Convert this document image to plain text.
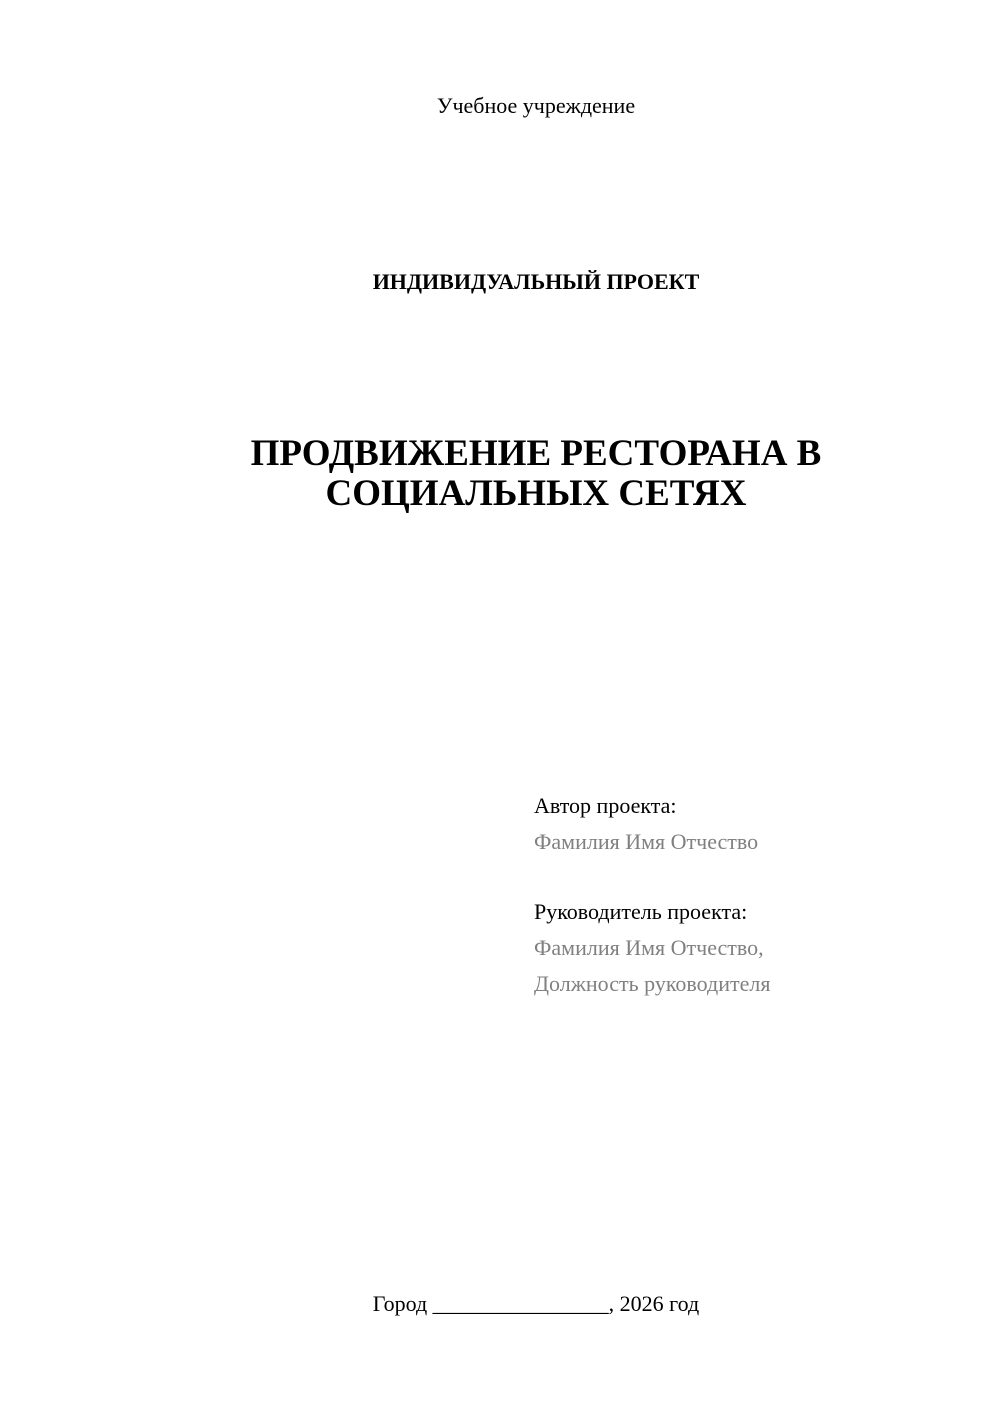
Учебное учреждение
ИНДИВИДУАЛЬНЫЙ ПРОЕКТ
ПРОДВИЖЕНИЕ РЕСТОРАНА В
СОЦИАЛЬНЫХ СЕТЯХ
Автор проекта:
Фамилия Имя Отчество
Руководитель проекта:
Фамилия Имя Отчество,
Должность руководителя
Город ________________, 2026 год
